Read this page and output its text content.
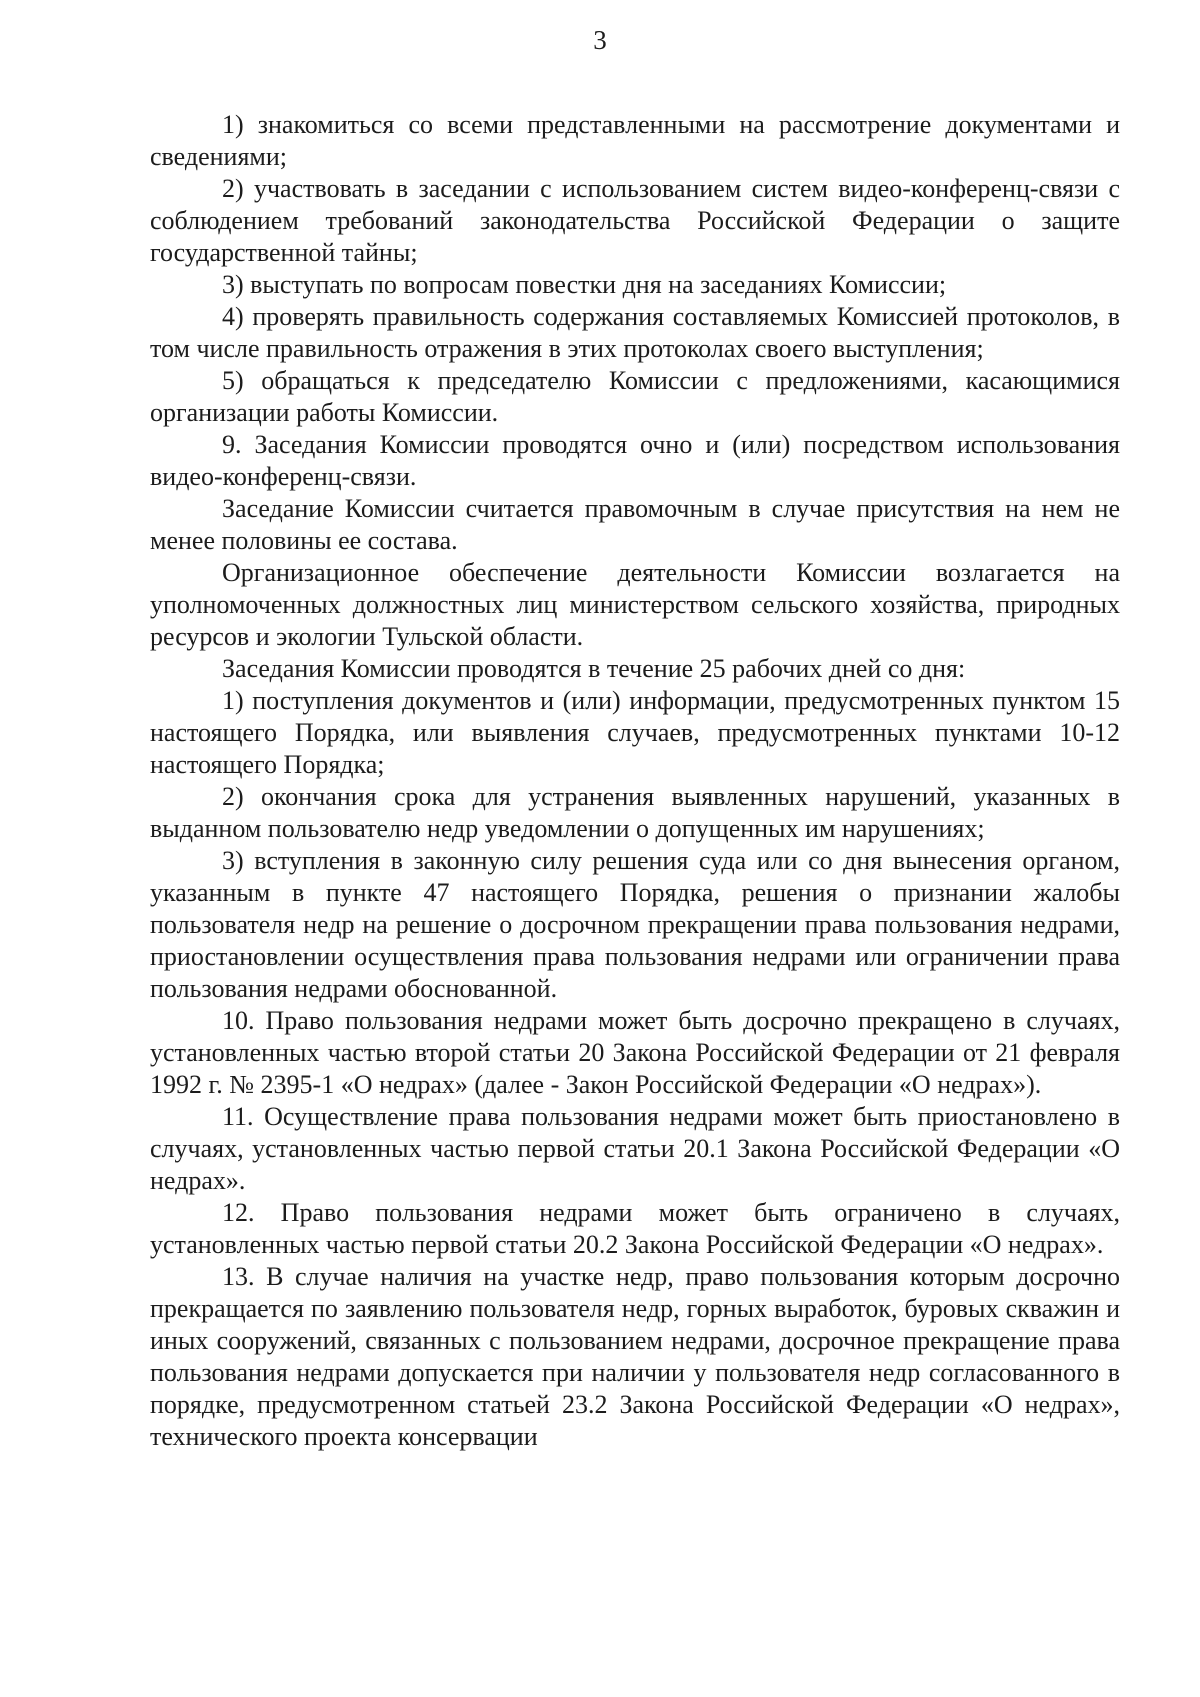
3

1) знакомиться со всеми представленными на рассмотрение документами и сведениями;

2) участвовать в заседании с использованием систем видео-конференц-связи с соблюдением требований законодательства Российской Федерации о защите государственной тайны;

3) выступать по вопросам повестки дня на заседаниях Комиссии;

4) проверять правильность содержания составляемых Комиссией протоколов, в том числе правильность отражения в этих протоколах своего выступления;

5) обращаться к председателю Комиссии с предложениями, касающимися организации работы Комиссии.

9. Заседания Комиссии проводятся очно и (или) посредством использования видео-конференц-связи.

Заседание Комиссии считается правомочным в случае присутствия на нем не менее половины ее состава.

Организационное обеспечение деятельности Комиссии возлагается на уполномоченных должностных лиц министерством сельского хозяйства, природных ресурсов и экологии Тульской области.

Заседания Комиссии проводятся в течение 25 рабочих дней со дня:

1) поступления документов и (или) информации, предусмотренных пунктом 15 настоящего Порядка, или выявления случаев, предусмотренных пунктами 10-12 настоящего Порядка;

2) окончания срока для устранения выявленных нарушений, указанных в выданном пользователю недр уведомлении о допущенных им нарушениях;

3) вступления в законную силу решения суда или со дня вынесения органом, указанным в пункте 47 настоящего Порядка, решения о признании жалобы пользователя недр на решение о досрочном прекращении права пользования недрами, приостановлении осуществления права пользования недрами или ограничении права пользования недрами обоснованной.

10. Право пользования недрами может быть досрочно прекращено в случаях, установленных частью второй статьи 20 Закона Российской Федерации от 21 февраля 1992 г. № 2395-1 «О недрах» (далее - Закон Российской Федерации «О недрах»).

11. Осуществление права пользования недрами может быть приостановлено в случаях, установленных частью первой статьи 20.1 Закона Российской Федерации «О недрах».

12. Право пользования недрами может быть ограничено в случаях, установленных частью первой статьи 20.2 Закона Российской Федерации «О недрах».

13. В случае наличия на участке недр, право пользования которым досрочно прекращается по заявлению пользователя недр, горных выработок, буровых скважин и иных сооружений, связанных с пользованием недрами, досрочное прекращение права пользования недрами допускается при наличии у пользователя недр согласованного в порядке, предусмотренном статьей 23.2 Закона Российской Федерации «О недрах», технического проекта консервации
